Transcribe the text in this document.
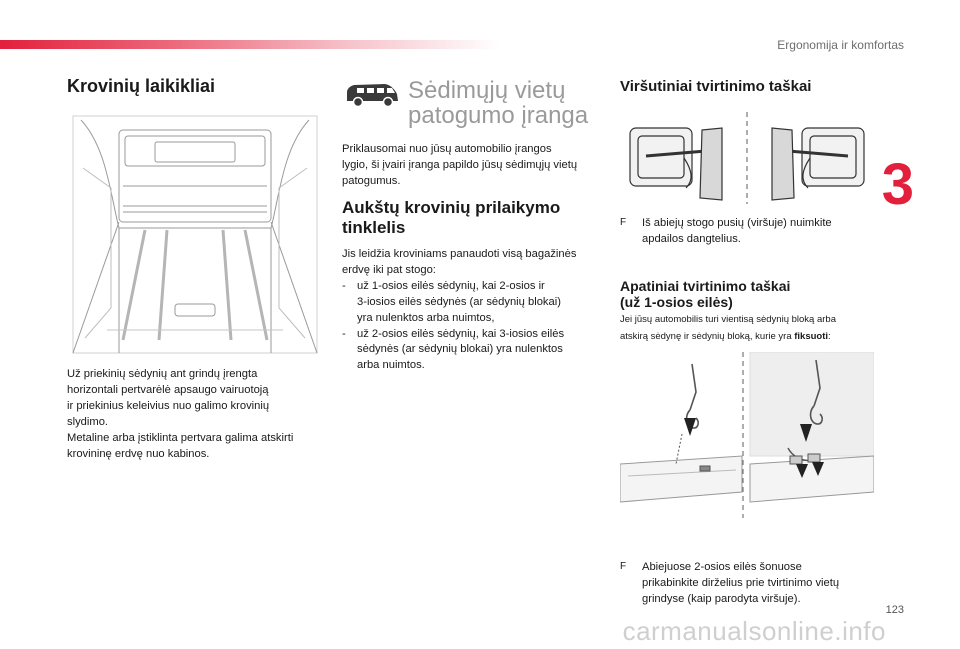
Ergonomija ir komfortas
3
Krovinių laikikliai
Už priekinių sėdynių ant grindų įrengta
horizontali pertvarėlė apsaugo vairuotoją
ir priekinius keleivius nuo galimo krovinių
slydimo.
Metaline arba įstiklinta pertvara galima atskirti
krovininę erdvę nuo kabinos.
Sėdimųjų vietų
patogumo įranga
Priklausomai nuo jūsų automobilio įrangos
lygio, ši įvairi įranga papildo jūsų sėdimųjų vietų
patogumus.
Aukštų krovinių prilaikymo
tinklelis
Jis leidžia kroviniams panaudoti visą bagažinės
erdvę iki pat stogo:
- už 1-osios eilės sėdynių, kai 2-osios ir
3-iosios eilės sėdynės (ar sėdynių blokai)
yra nulenktos arba nuimtos,
- už 2-osios eilės sėdynių, kai 3-iosios eilės
sėdynės (ar sėdynių blokai) yra nulenktos
arba nuimtos.
Viršutiniai tvirtinimo taškai
F Iš abiejų stogo pusių (viršuje) nuimkite
apdailos dangtelius.
Apatiniai tvirtinimo taškai
(už 1-osios eilės)
Jei jūsų automobilis turi vientisą sėdynių bloką arba
atskirą sėdynę ir sėdynių bloką, kurie yra fiksuoti:
F Abiejuose 2-osios eilės šonuose
prikabinkite dirželius prie tvirtinimo vietų
grindyse (kaip parodyta viršuje).
123
carmanualsonline.info
